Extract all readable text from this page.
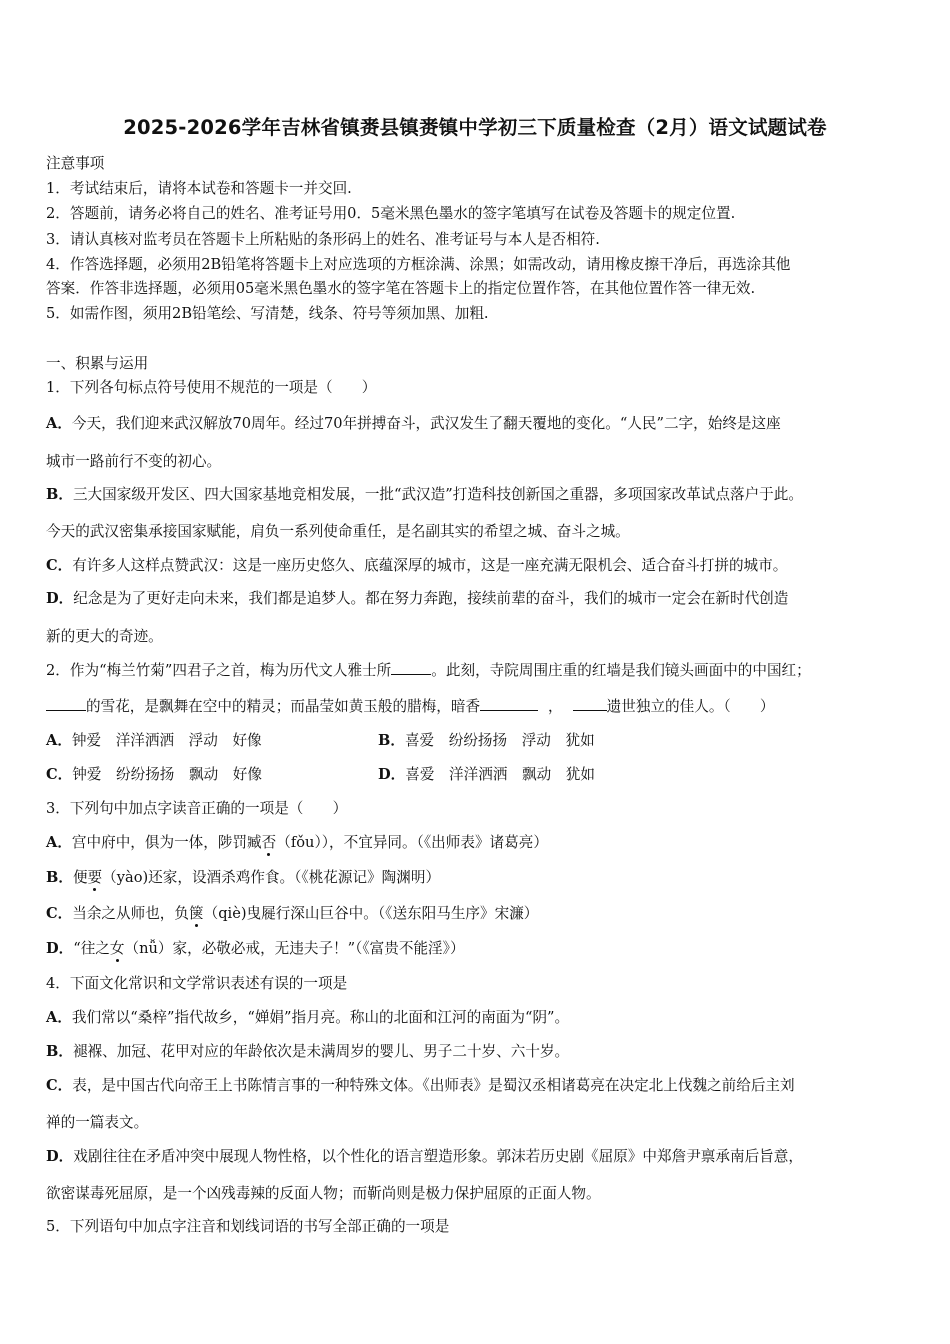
2025-2026学年吉林省镇赉县镇赉镇中学初三下质量检查（2月）语文试题试卷
注意事项
1．考试结束后，请将本试卷和答题卡一并交回.
2．答题前，请务必将自己的姓名、准考证号用0．5毫米黑色墨水的签字笔填写在试卷及答题卡的规定位置.
3．请认真核对监考员在答题卡上所粘贴的条形码上的姓名、准考证号与本人是否相符.
4．作答选择题，必须用2B铅笔将答题卡上对应选项的方框涂满、涂黑；如需改动，请用橡皮擦干净后，再选涂其他
答案．作答非选择题，必须用05毫米黑色墨水的签字笔在答题卡上的指定位置作答，在其他位置作答一律无效.
5．如需作图，须用2B铅笔绘、写清楚，线条、符号等须加黑、加粗.
一、积累与运用
1．下列各句标点符号使用不规范的一项是（　　）
A．今天，我们迎来武汉解放70周年。经过70年拼搏奋斗，武汉发生了翻天覆地的变化。“人民”二字，始终是这座
城市一路前行不变的初心。
B．三大国家级开发区、四大国家基地竞相发展，一批“武汉造”打造科技创新国之重器，多项国家改革试点落户于此。
今天的武汉密集承接国家赋能，肩负一系列使命重任，是名副其实的希望之城、奋斗之城。
C．有许多人这样点赞武汉：这是一座历史悠久、底蕴深厚的城市，这是一座充满无限机会、适合奋斗打拼的城市。
D．纪念是为了更好走向未来，我们都是追梦人。都在努力奔跑，接续前辈的奋斗，我们的城市一定会在新时代创造
新的更大的奇迹。
2．作为“梅兰竹菊”四君子之首，梅为历代文人雅士所	。此刻，寺院周围庄重的红墙是我们镜头画面中的中国红；
的雪花，是飘舞在空中的精灵；而晶莹如黄玉般的腊梅，暗香	，	遗世独立的佳人。（　　）
A．钟爱　洋洋洒洒　浮动　好像	B．喜爱　纷纷扬扬　浮动　犹如
C．钟爱　纷纷扬扬　飘动　好像	D．喜爱　洋洋洒洒　飘动　犹如
3．下列句中加点字读音正确的一项是（　　）
A．宫中府中，俱为一体，陟罚臧否（fǒu）），不宜异同。（《出师表》诸葛亮）
B．便要（yào)还家，设酒杀鸡作食。（《桃花源记》陶渊明）
C．当余之从师也，负箧（qiè)曳屣行深山巨谷中。（《送东阳马生序》宋濂）
D．“往之女（nǚ）家，必敬必戒，无违夫子！”（《富贵不能淫》）
4．下面文化常识和文学常识表述有误的一项是
A．我们常以“桑梓”指代故乡，“婵娟”指月亮。称山的北面和江河的南面为“阴”。
B．褪褓、加冠、花甲对应的年龄依次是未满周岁的婴儿、男子二十岁、六十岁。
C．表，是中国古代向帝王上书陈情言事的一种特殊文体。《出师表》是蜀汉丞相诸葛亮在决定北上伐魏之前给后主刘
禅的一篇表文。
D．戏剧往往在矛盾冲突中展现人物性格，以个性化的语言塑造形象。郭沫若历史剧《屈原》中郑詹尹禀承南后旨意，
欲密谋毒死屈原，是一个凶残毒辣的反面人物；而靳尚则是极力保护屈原的正面人物。
5．下列语句中加点字注音和划线词语的书写全部正确的一项是
